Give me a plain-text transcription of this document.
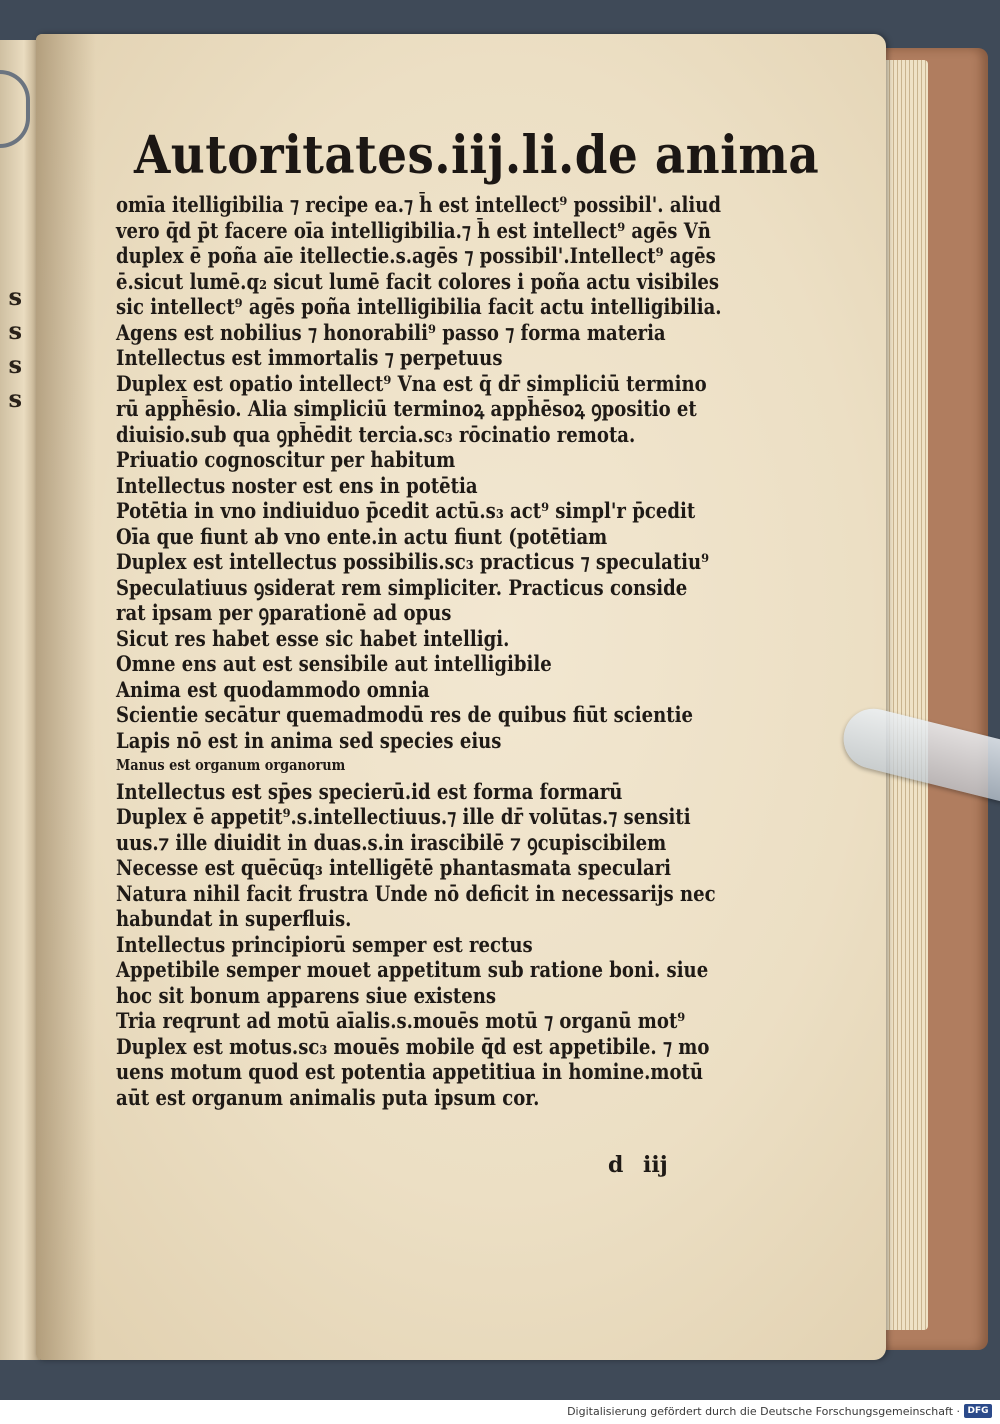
s
s
s
s
Autoritates.iij.li.de anima
omīa itelligibilia ⁊ recipe ea.⁊ h̄ est intellect⁹ possibil'. aliud
vero q̄d p̄t facere oīa intelligibilia.⁊ h̄ est intellect⁹ agēs Vn̄
duplex ē poña aīe itellectie.s.agēs ⁊ possibil'.Intellect⁹ agēs
ē.sicut lumē.q₂ sicut lumē facit colores i poña actu visibiles
sic intellect⁹ agēs poña intelligibilia facit actu intelligibilia.
Agens est nobilius ⁊ honorabili⁹ passo ⁊ forma materia
Intellectus est immortalis ⁊ perpetuus
Duplex est opatio intellect⁹ Vna est q̄ dr̄ simpliciū termino
rū apph̄ēsio. Alia simpliciū terminoꝝ apph̄ēsoꝝ ꝯpositio et
diuisio.sub qua ꝯph̄ēdit tercia.sc₃ rōcinatio remota.
Priuatio cognoscitur per habitum
Intellectus noster est ens in potētia
Potētia in vno indiuiduo p̄cedit actū.s₃ act⁹ simpl'r p̄cedit
Oīa que fiunt ab vno ente.in actu fiunt (potētiam
Duplex est intellectus possibilis.sc₃ practicus ⁊ speculatiu⁹
Speculatiuus ꝯsiderat rem simpliciter. Practicus conside
rat ipsam per ꝯparationē ad opus
Sicut res habet esse sic habet intelligi.
Omne ens aut est sensibile aut intelligibile
Anima est quodammodo omnia
Scientie secātur quemadmodū res de quibus fiūt scientie
Lapis nō est in anima sed species eius
Manus est organum organorum
Intellectus est sp̄es specierū.id est forma formarū
Duplex ē appetit⁹.s.intellectiuus.⁊ ille dr̄ volūtas.⁊ sensiti
uus.⁊ ille diuidit in duas.s.in irascibilē ⁊ ꝯcupiscibilem
Necesse est quēcūq₃ intelligētē phantasmata speculari
Natura nihil facit frustra Unde nō deficit in necessarijs nec
habundat in superfluis.
Intellectus principiorū semper est rectus
Appetibile semper mouet appetitum sub ratione boni. siue
hoc sit bonum apparens siue existens
Tria reqrunt ad motū aīalis.s.mouēs motū ⁊ organū mot⁹
Duplex est motus.sc₃ mouēs mobile q̄d est appetibile. ⁊ mo
uens motum quod est potentia appetitiua in homine.motū
aūt est organum animalis puta ipsum cor.
d iij
Digitalisierung gefördert durch die Deutsche Forschungsgemeinschaft · DFG
